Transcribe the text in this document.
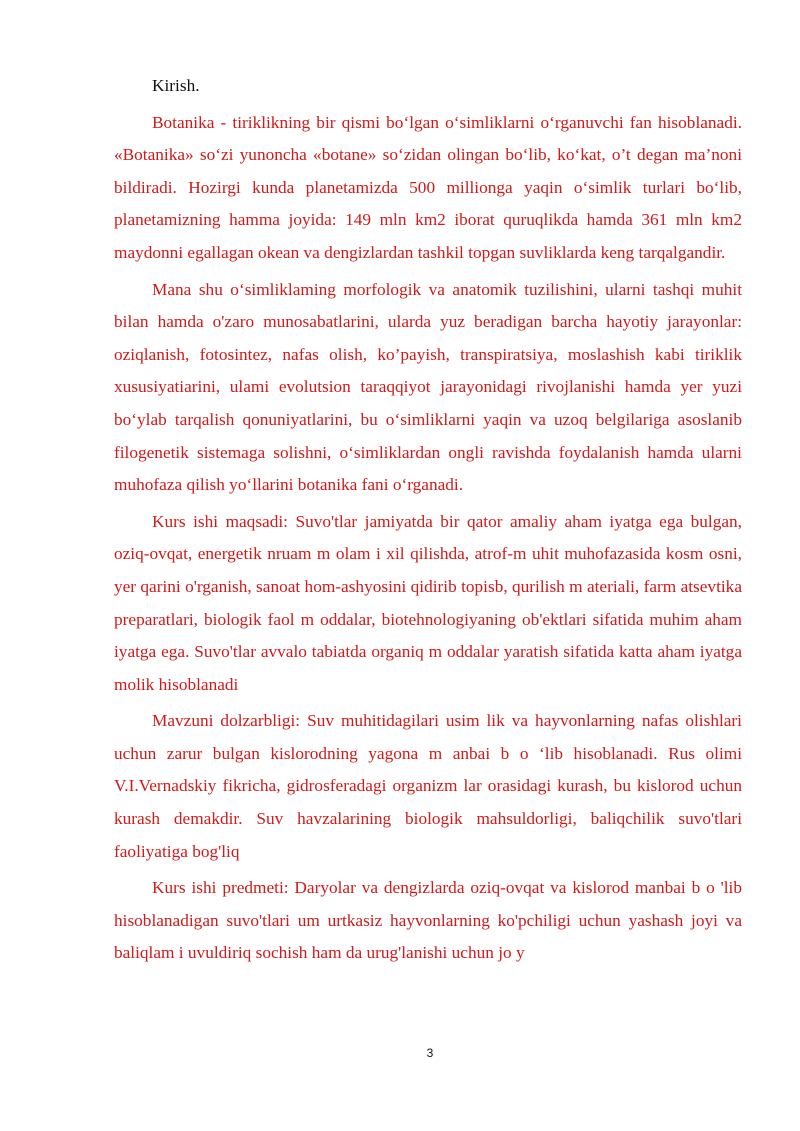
Kirish.

Botanika - tiriklikning bir qismi bo‘lgan o‘simliklarni o‘rganuvchi fan hisoblanadi. «Botanika» so‘zi yunoncha «botane» so‘zidan olingan bo‘lib, ko‘kat, o’t degan ma’noni bildiradi. Hozirgi kunda planetamizda 500 millionga yaqin o‘simlik turlari bo‘lib, planetamizning hamma joyida: 149 mln km2 iborat quruqlikda hamda 361 mln km2 maydonni egallagan okean va dengizlardan tashkil topgan suvliklarda keng tarqalgandir.

Mana shu o‘simliklaming morfologik va anatomik tuzilishini, ularni tashqi muhit bilan hamda o'zaro munosabatlarini, ularda yuz beradigan barcha hayotiy jarayonlar: oziqlanish, fotosintez, nafas olish, ko’payish, transpiratsiya, moslashish kabi tiriklik xususiyatiarini, ulami evolutsion taraqqiyot jarayonidagi rivojlanishi hamda yer yuzi bo‘ylab tarqalish qonuniyatlarini, bu o‘simliklarni yaqin va uzoq belgilariga asoslanib filogenetik sistemaga solishni, o‘simliklardan ongli ravishda foydalanish hamda ularni muhofaza qilish yo‘llarini botanika fani o‘rganadi.

Kurs ishi maqsadi: Suvo'tlar jamiyatda bir qator amaliy aham iyatga ega bulgan, oziq-ovqat, energetik nruam m olam i xil qilishda, atrof-m uhit muhofazasida kosm osni, yer qarini o'rganish, sanoat hom-ashyosini qidirib topisb, qurilish m ateriali, farm atsevtika preparatlari, biologik faol m oddalar, biotehnologiyaning ob'ektlari sifatida muhim aham iyatga ega. Suvo'tlar avvalo tabiatda organiq m oddalar yaratish sifatida katta aham iyatga molik hisoblanadi

Mavzuni dolzarbligi: Suv muhitidagilari usim lik va hayvonlarning nafas olishlari uchun zarur bulgan kislorodning yagona m anbai b o ‘lib hisoblanadi. Rus olimi V.I.Vernadskiy fikricha, gidrosferadagi organizm lar orasidagi kurash, bu kislorod uchun kurash demakdir. Suv havzalarining biologik mahsuldorligi, baliqchilik suvo'tlari faoliyatiga bog'liq

Kurs ishi predmeti: Daryolar va dengizlarda oziq-ovqat va kislorod manbai b o 'lib hisoblanadigan suvo'tlari um urtkasiz hayvonlarning ko'pchiligi uchun yashash joyi va baliqlam i uvuldiriq sochish ham da urug'lanishi uchun jo y

3
